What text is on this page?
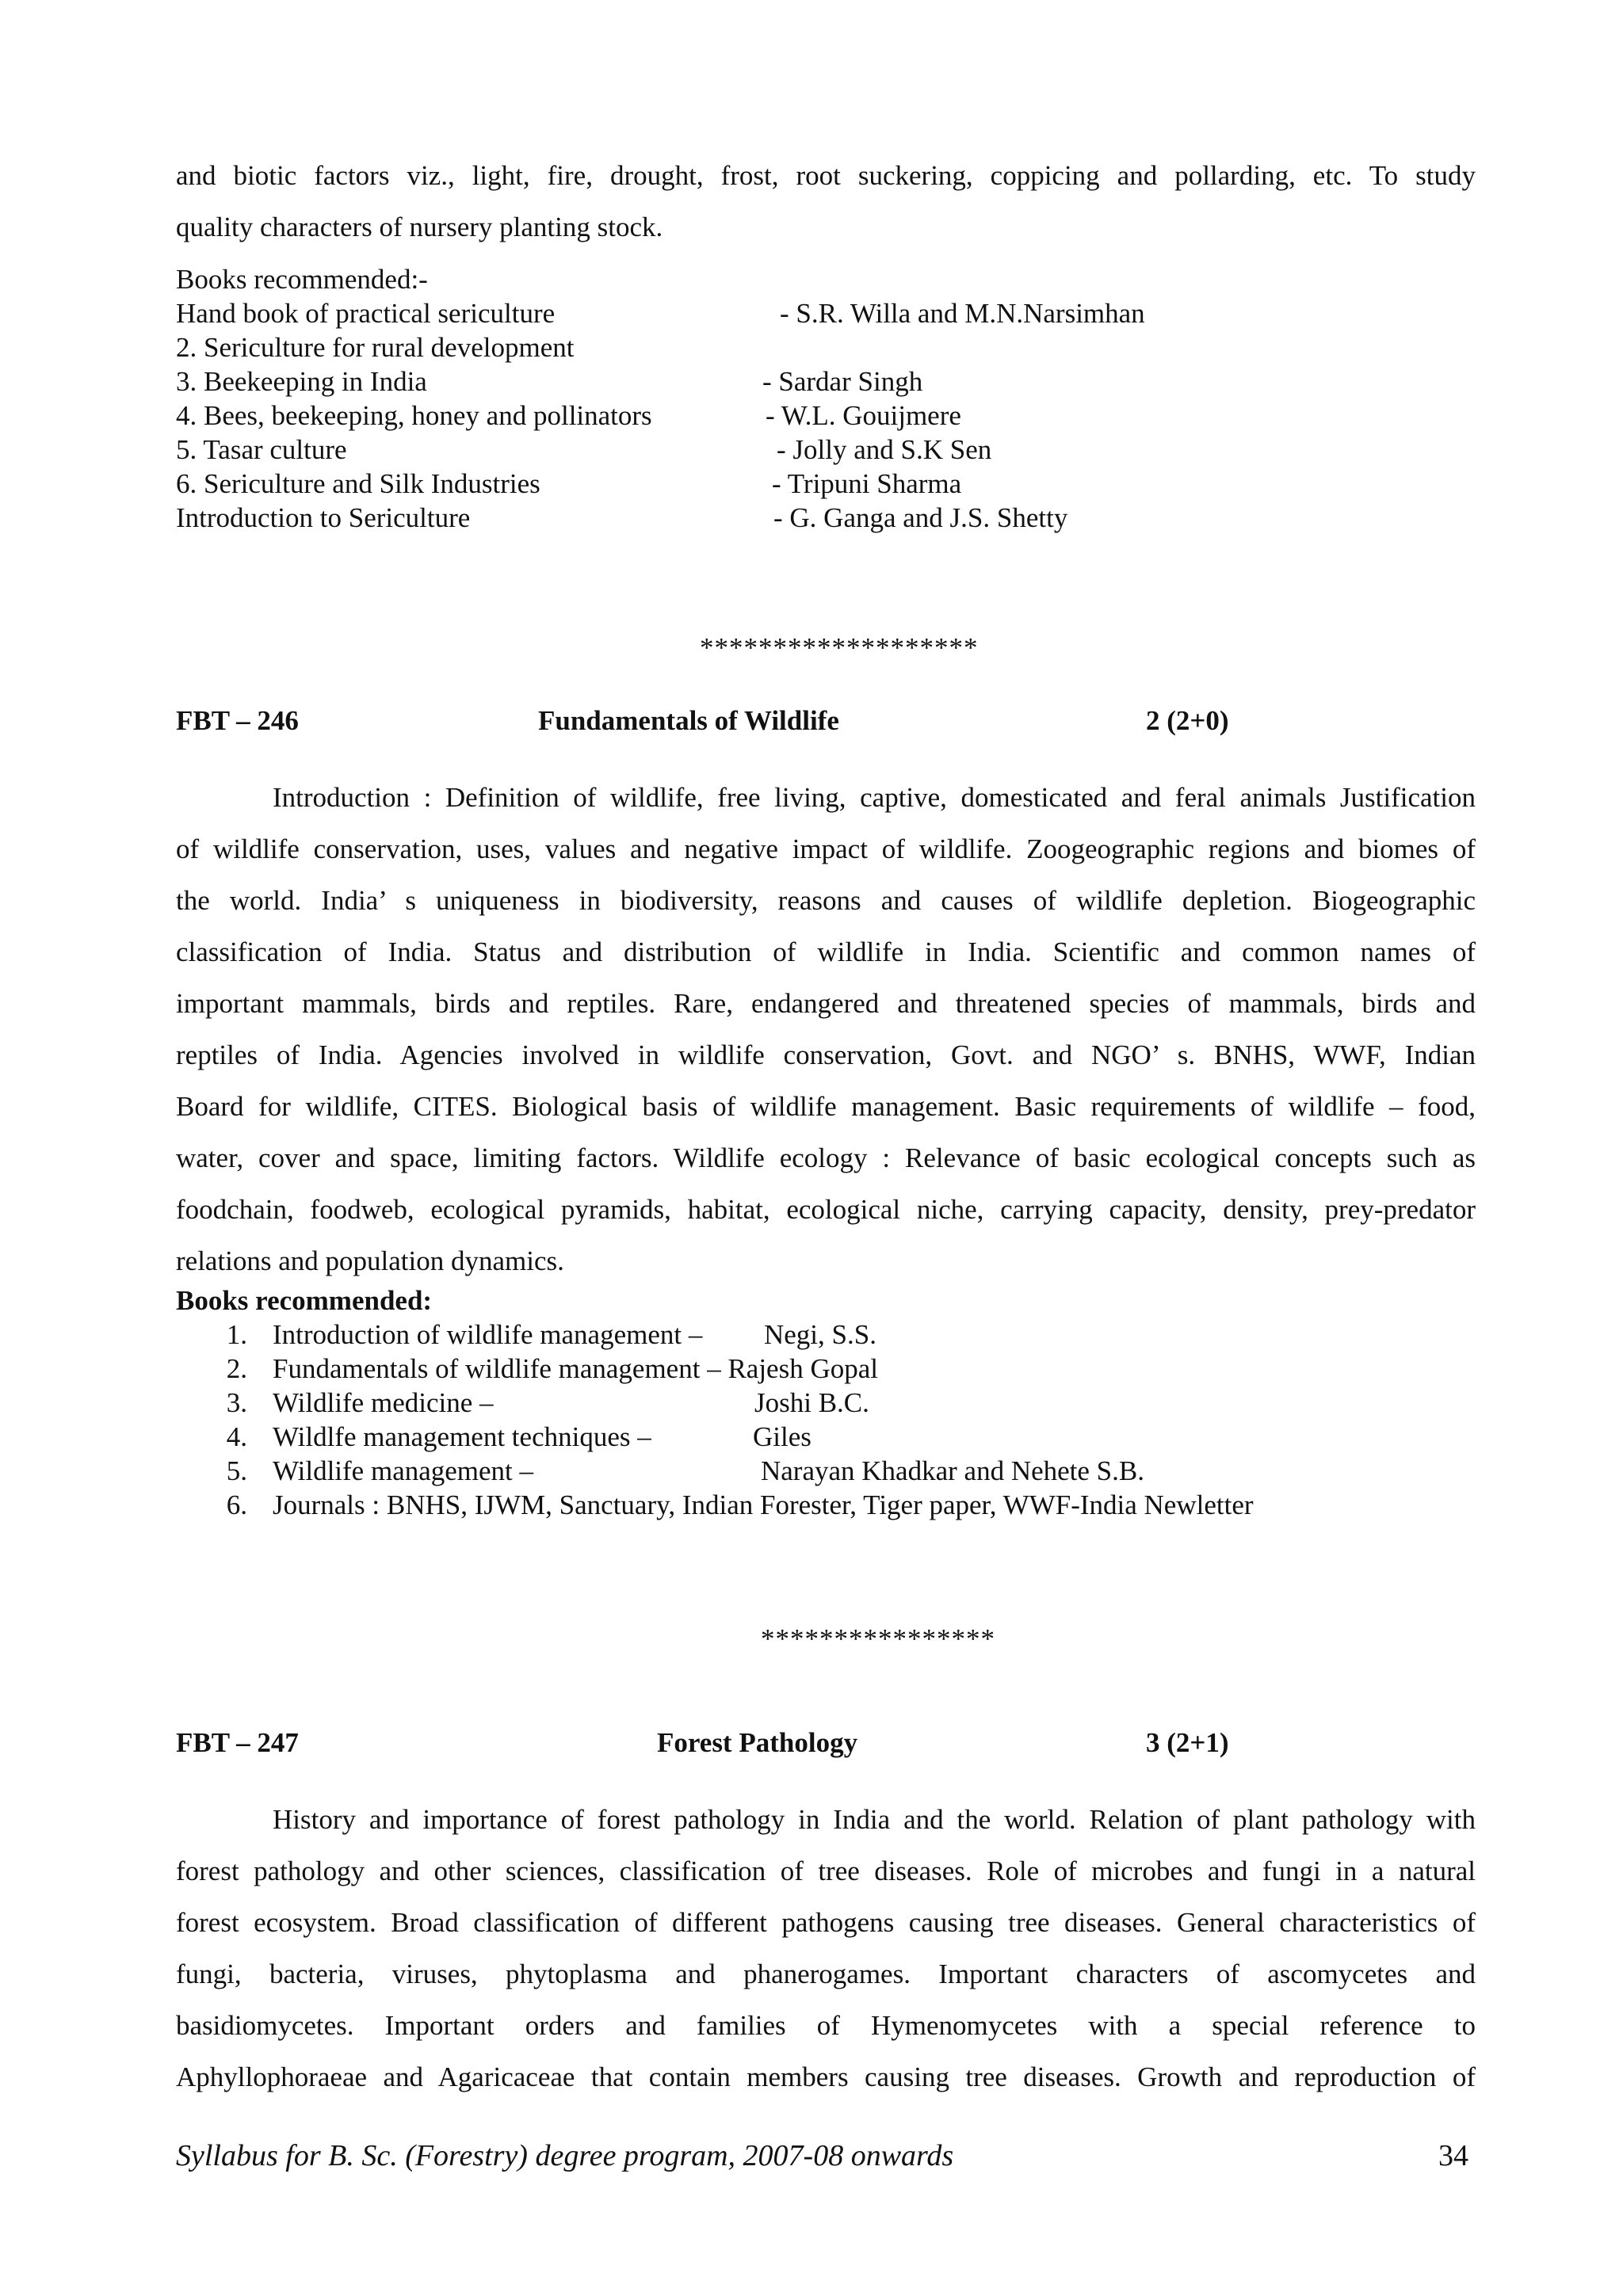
and biotic factors viz., light, fire, drought, frost, root suckering, coppicing and pollarding, etc. To study
quality characters of nursery planting stock.
Books recommended:-
Hand book of practical sericulture	- S.R. Willa and M.N.Narsimhan
2. Sericulture for rural development
3. Beekeeping in India	- Sardar Singh
4. Bees, beekeeping, honey and pollinators	- W.L. Gouijmere
5. Tasar culture	- Jolly and S.K Sen
6. Sericulture and Silk Industries	- Tripuni Sharma
Introduction to Sericulture	- G. Ganga and J.S. Shetty
*******************
FBT – 246	Fundamentals of Wildlife	2 (2+0)
Introduction : Definition of wildlife, free living, captive, domesticated and feral animals Justification
of wildlife conservation, uses, values and negative impact of wildlife. Zoogeographic regions and biomes of
the world. India’ s uniqueness in biodiversity, reasons and causes of wildlife depletion. Biogeographic
classification of India. Status and distribution of wildlife in India. Scientific and common names of
important mammals, birds and reptiles. Rare, endangered and threatened species of mammals, birds and
reptiles of India. Agencies involved in wildlife conservation, Govt. and NGO’ s. BNHS, WWF, Indian
Board for wildlife, CITES. Biological basis of wildlife management. Basic requirements of wildlife – food,
water, cover and space, limiting factors. Wildlife ecology : Relevance of basic ecological concepts such as
foodchain, foodweb, ecological pyramids, habitat, ecological niche, carrying capacity, density, prey-predator
relations and population dynamics.
Books recommended:
1. Introduction of wildlife management – Negi, S.S.
2. Fundamentals of wildlife management – Rajesh Gopal
3. Wildlife medicine –	Joshi B.C.
4. Wildlfe management techniques –	Giles
5. Wildlife management –	Narayan Khadkar and Nehete S.B.
6. Journals : BNHS, IJWM, Sanctuary, Indian Forester, Tiger paper, WWF-India Newletter
****************
FBT – 247	Forest Pathology	3 (2+1)
History and importance of forest pathology in India and the world. Relation of plant pathology with
forest pathology and other sciences, classification of tree diseases. Role of microbes and fungi in a natural
forest ecosystem. Broad classification of different pathogens causing tree diseases. General characteristics of
fungi, bacteria, viruses, phytoplasma and phanerogames. Important characters of ascomycetes and
basidiomycetes. Important orders and families of Hymenomycetes with a special reference to
Aphyllophoraeae and Agaricaceae that contain members causing tree diseases. Growth and reproduction of
Syllabus for B. Sc. (Forestry) degree program, 2007-08 onwards	34
